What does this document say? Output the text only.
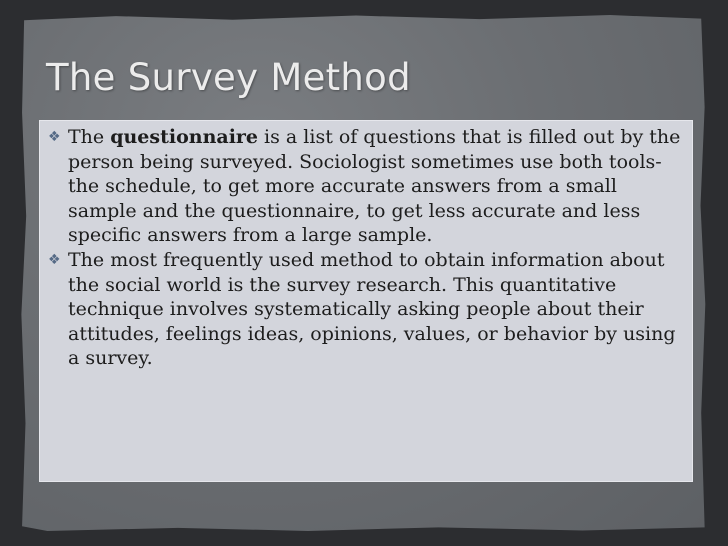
The Survey Method

❖ The questionnaire is a list of questions that is filled out by the person being surveyed. Sociologist sometimes use both tools- the schedule, to get more accurate answers from a small sample and the questionnaire, to get less accurate and less specific answers from a large sample.

❖ The most frequently used method to obtain information about the social world is the survey research. This quantitative technique involves systematically asking people about their attitudes, feelings ideas, opinions, values, or behavior by using a survey.
